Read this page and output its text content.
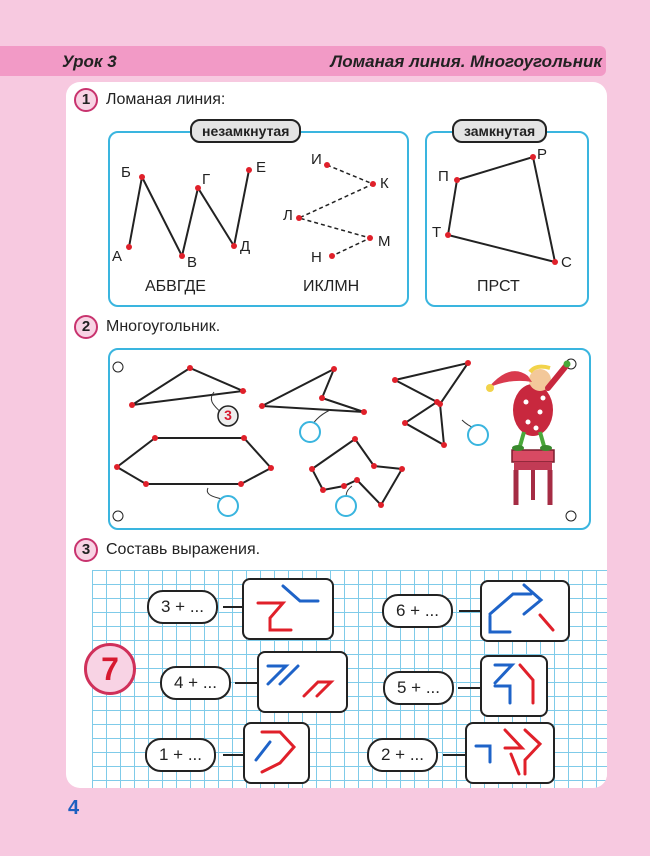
Урок 3	Ломаная линия. Многоугольник
1 Ломаная линия:
незамкнутая	замкнутая
Б	Г
Е
А	В
Д
АБВГДЕ
И
К
Л
М
Н
ИКЛМН
П
Р
Т
С
ПРСТ
2 Многоугольник.
3
3 Составь выражения.
7
3 + ...	6 + ...
4 + ...	5 + ...
1 + ...	2 + ...
4
